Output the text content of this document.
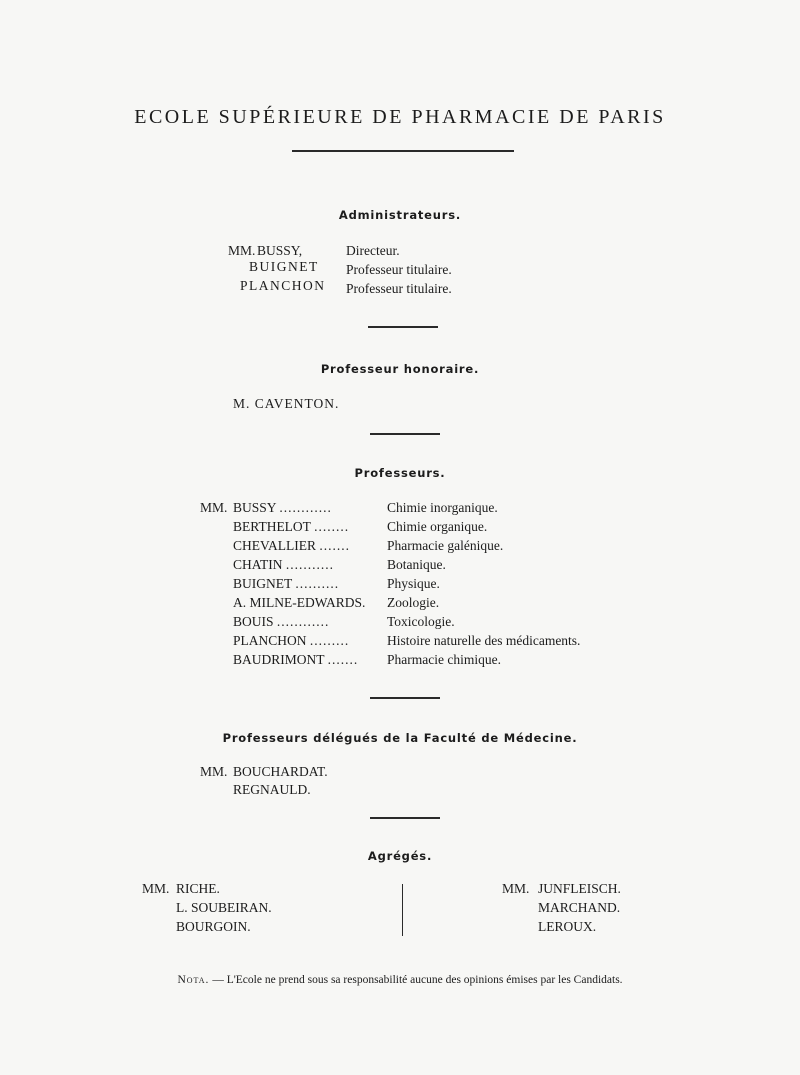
ECOLE SUPÉRIEURE DE PHARMACIE DE PARIS
Administrateurs.
MM. BUSSY,	Directeur.
BUIGNET Professeur titulaire.
PLANCHON Professeur titulaire.
Professeur honoraire.
M. CAVENTON.
Professeurs.
MM. BUSSY ............	Chimie inorganique.
BERTHELOT ........	Chimie organique.
CHEVALLIER .......	Pharmacie galénique.
CHATIN ...........	Botanique.
BUIGNET ..........	Physique.
A. MILNE-EDWARDS. Zoologie.
BOUIS ............	Toxicologie.
PLANCHON .........	Histoire naturelle des médicaments.
BAUDRIMONT ....... Pharmacie chimique.
Professeurs délégués de la Faculté de Médecine.
MM. BOUCHARDAT.
REGNAULD.
Agrégés.
MM. RICHE.
L. SOUBEIRAN.
BOURGOIN.
MM. JUNFLEISCH.
MARCHAND.
LEROUX.
Nota. — L'Ecole ne prend sous sa responsabilité aucune des opinions émises par les Candidats.
